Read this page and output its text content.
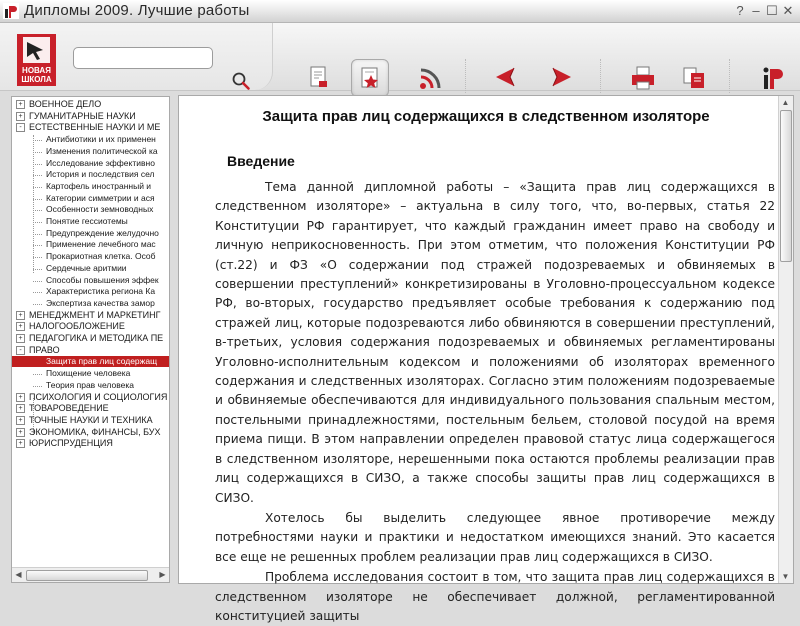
Дипломы 2009. Лучшие работы	? – ☐ ✕
НОВАЯ
ШКОЛА
+ ВОЕННОЕ ДЕЛО
+ ГУМАНИТАРНЫЕ НАУКИ
- ЕСТЕСТВЕННЫЕ НАУКИ И МЕ
Антибиотики и их применен
Изменения политической ка
Исследование эффективно
История и последствия сел
Картофель иностранный и
Категории симметрии и ася
Особенности земноводных
Понятие гессиотемы
Предупреждение желудочно
Применение лечебного мас
Прокариотная клетка. Особ
Сердечные аритмии
Способы повышения эффек
Характеристика региона Ка
Экспертиза качества замор
+ МЕНЕДЖМЕНТ И МАРКЕТИНГ
+ НАЛОГООБЛОЖЕНИЕ
+ ПЕДАГОГИКА И МЕТОДИКА ПЕ
- ПРАВО
Защита прав лиц содержащ
Похищение человека
Теория прав человека
+ ПСИХОЛОГИЯ И СОЦИОЛОГИЯ
+ ТОВАРОВЕДЕНИЕ
+ ТОЧНЫЕ НАУКИ И ТЕХНИКА
+ ЭКОНОМИКА, ФИНАНСЫ, БУХ
+ ЮРИСПРУДЕНЦИЯ
◀	▶
Защита прав лиц содержащихся в следственном изоляторе
Введение

Тема данной дипломной работы – «Защита прав лиц содержащихся в следственном изоляторе» – актуальна в силу того, что, во-первых, статья 22 Конституции РФ гарантирует, что каждый гражданин имеет право на свободу и личную неприкосновенность. При этом отметим, что положения Конституции РФ (ст.22) и ФЗ «О содержании под стражей подозреваемых и обвиняемых в совершении преступлений» конкретизированы в Уголовно-процессуальном кодексе РФ, во-вторых, государство предъявляет особые требования к содержанию под стражей лиц, которые подозреваются либо обвиняются в совершении преступлений, в-третьих, условия содержания подозреваемых и обвиняемых регламентированы Уголовно-исполнительным кодексом и положениями об изоляторах временного содержания и следственных изоляторах. Согласно этим положениям подозреваемые и обвиняемые обеспечиваются для индивидуального пользования спальным местом, постельными принадлежностями, постельным бельем, столовой посудой на время приема пищи. В этом направлении определен правовой статус лица содержащегося в следственном изоляторе, нерешенными пока остаются проблемы реализации прав лиц содержащихся в СИЗО, а также способы защиты прав лиц содержащихся в СИЗО.

Хотелось бы выделить следующее явное противоречие между потребностями науки и практики и недостатком имеющихся знаний. Это касается все еще не решенных проблем реализации прав лиц содержащихся в СИЗО.

Проблема исследования состоит в том, что защита прав лиц содержащихся в следственном изоляторе не обеспечивает должной, регламентированной конституцией защиты

▲
▼
